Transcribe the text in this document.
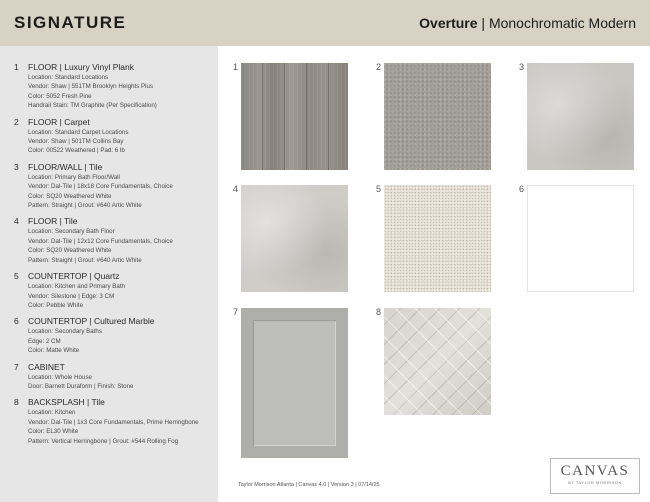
SIGNATURE	Overture | Monochromatic Modern
1 FLOOR | Luxury Vinyl Plank
Location: Standard Locations
Vendor: Shaw | 551TM Brooklyn Heights Plus
Color: 5052 Fresh Pine
Handrail Stain: TM Graphite (Per Specification)
2 FLOOR | Carpet
Location: Standard Carpet Locations
Vendor: Shaw | 501TM Collins Bay
Color: 00522 Weathered | Pad: 6 lb
3 FLOOR/WALL | Tile
Location: Primary Bath Floor/Wall
Vendor: Dal-Tile | 18x18 Core Fundamentals, Choice
Color: SQ20 Weathered White
Pattern: Straight | Grout: #640 Artic White
4 FLOOR | Tile
Location: Secondary Bath Floor
Vendor: Dal-Tile | 12x12 Core Fundamentals, Choice
Color: SQ20 Weathered White
Pattern: Straight | Grout: #640 Artic White
5 COUNTERTOP | Quartz
Location: Kitchen and Primary Bath
Vendor: Silestone | Edge: 3 CM
Color: Pebble White
6 COUNTERTOP | Cultured Marble
Location: Secondary Baths
Edge: 2 CM
Color: Matte White
7 CABINET
Location: Whole House
Door: Barnett Duraform | Finish: Stone
8 BACKSPLASH | Tile
Location: Kitchen
Vendor: Dal-Tile | 1x3 Core Fundamentals, Prime Herringbone
Color: EL30 White
Pattern: Vertical Herringbone | Grout: #544 Rolling Fog
1	2	3
4	5	6
7	8
Taylor Morrison Atlanta | Canvas 4.0 | Version 3 | 07/14/25
CANVAS
BY TAYLOR MORRISON
